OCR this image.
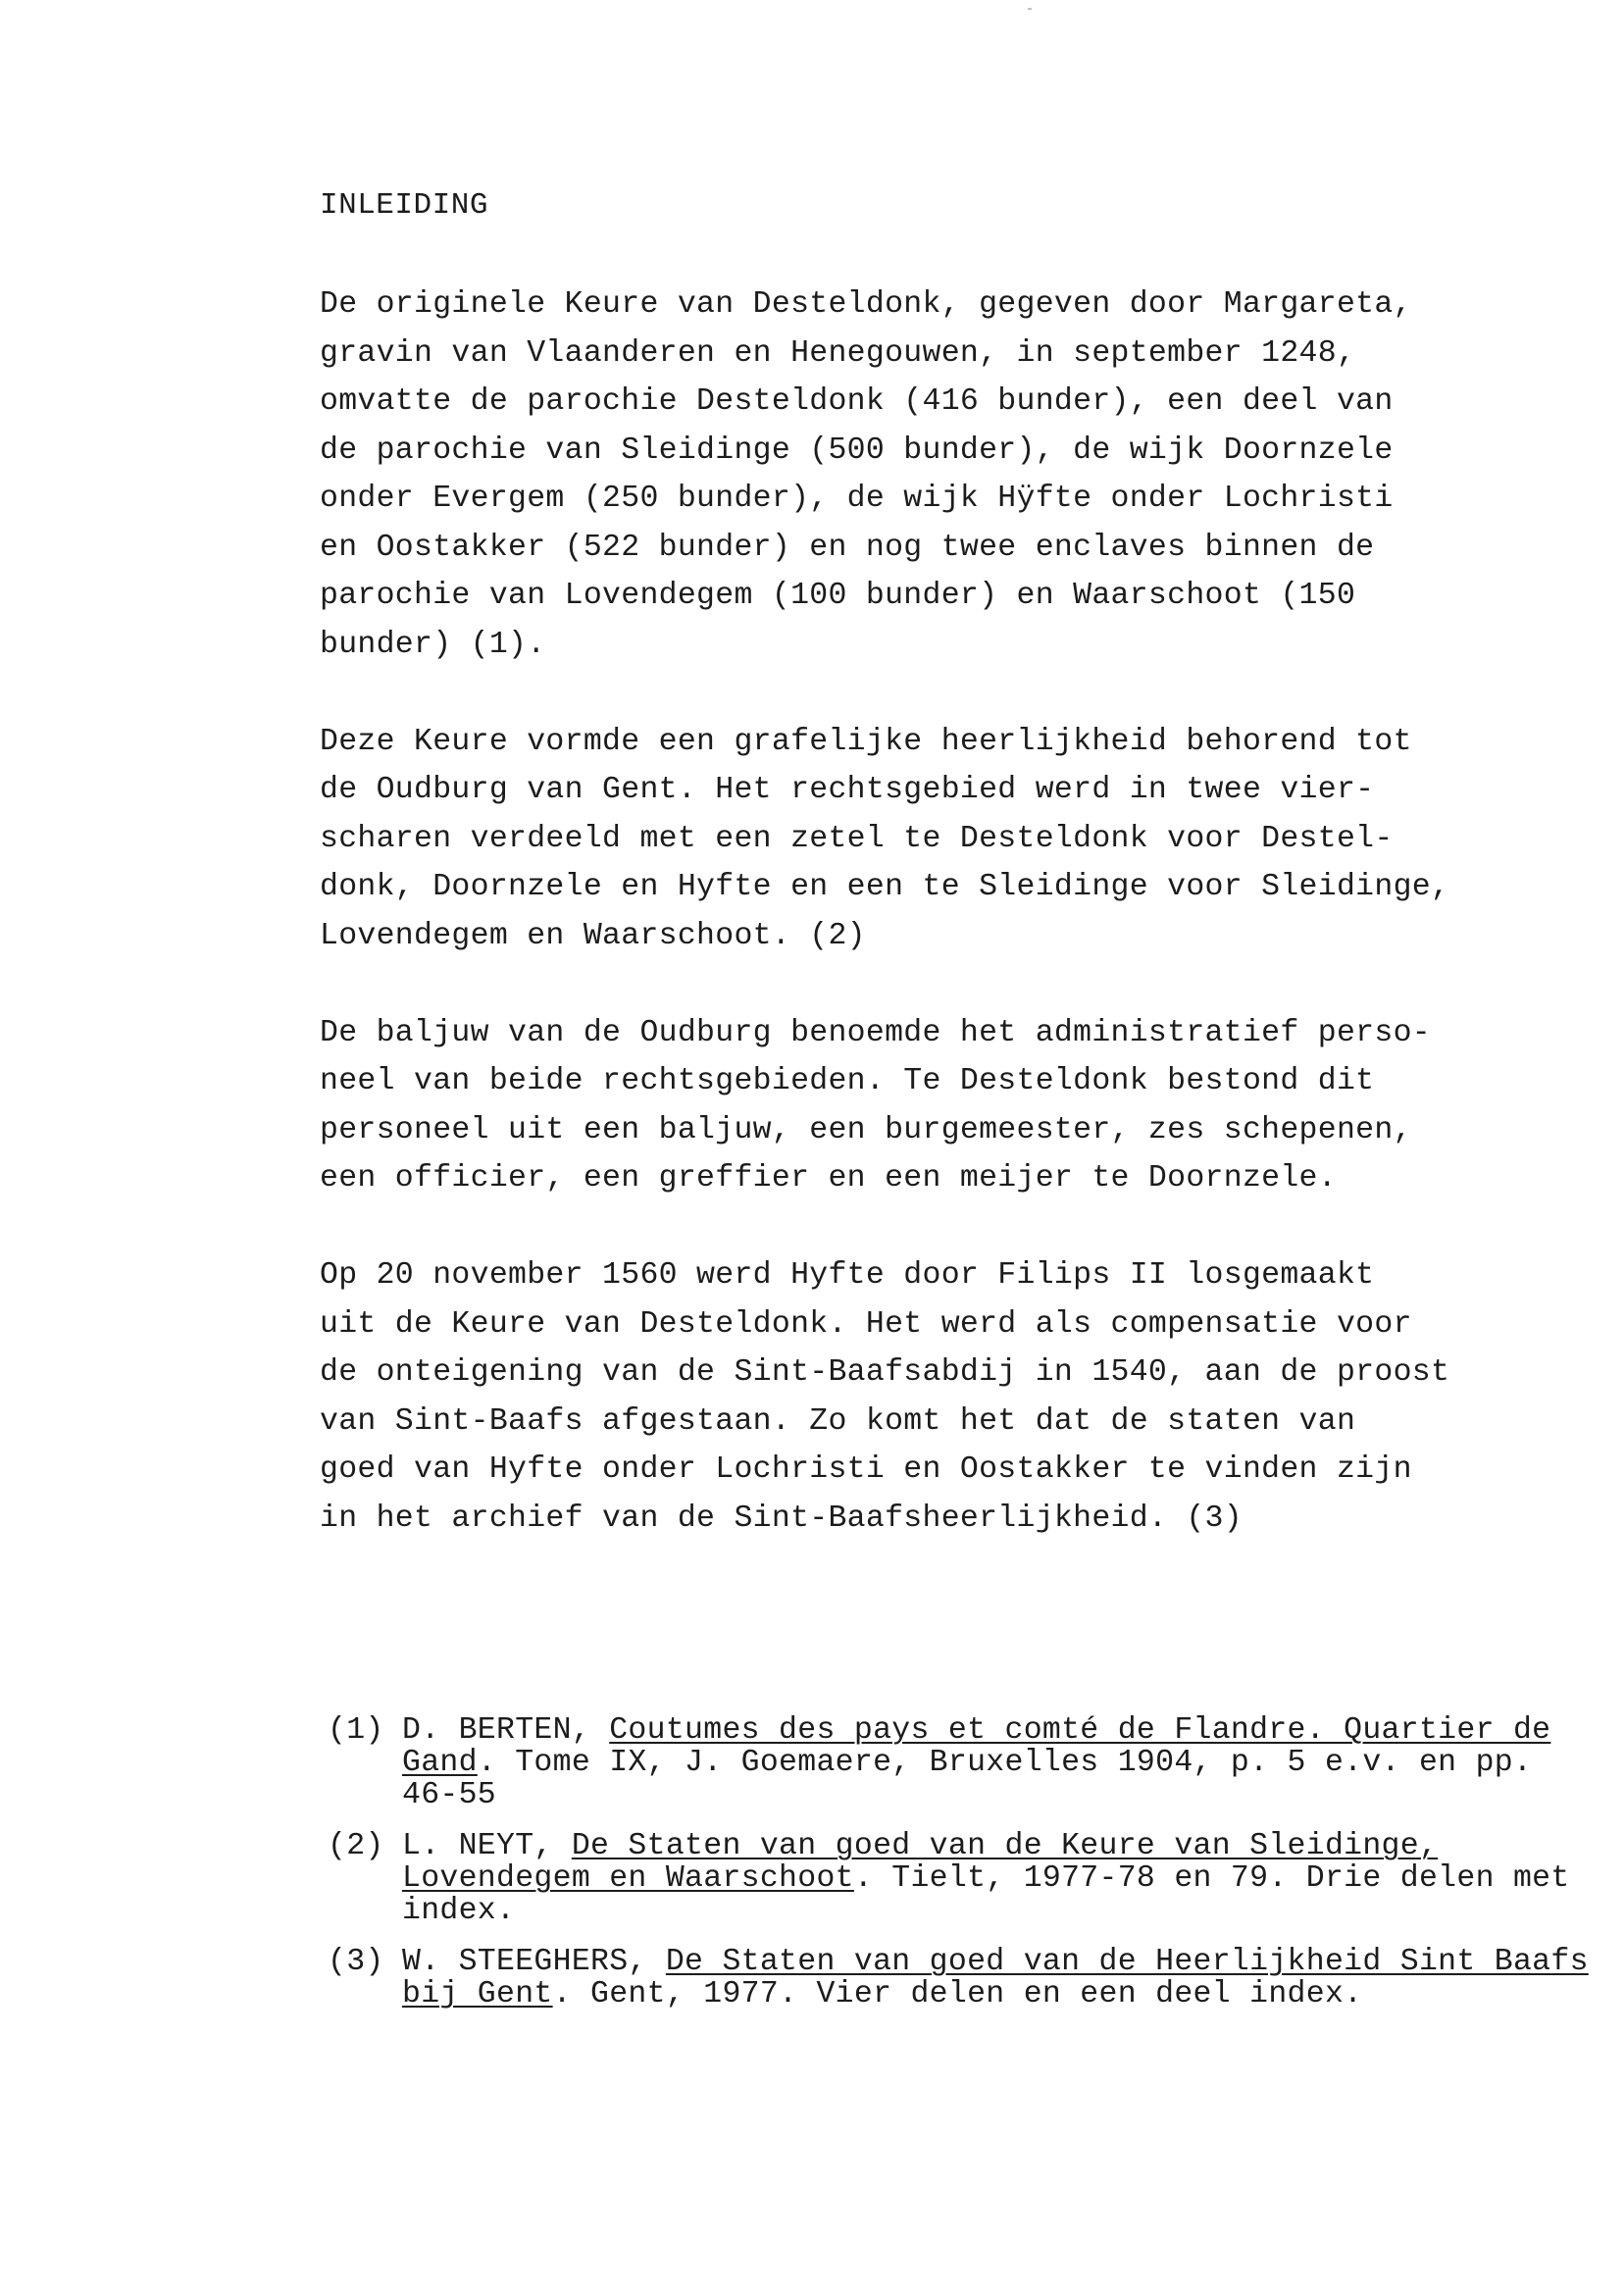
INLEIDING
De originele Keure van Desteldonk, gegeven door Margareta,
gravin van Vlaanderen en Henegouwen, in september 1248,
omvatte de parochie Desteldonk (416 bunder), een deel van
de parochie van Sleidinge (500 bunder), de wijk Doornzele
onder Evergem (250 bunder), de wijk Hÿfte onder Lochristi
en Oostakker (522 bunder) en nog twee enclaves binnen de
parochie van Lovendegem (100 bunder) en Waarschoot (150
bunder) (1).
Deze Keure vormde een grafelijke heerlijkheid behorend tot
de Oudburg van Gent. Het rechtsgebied werd in twee vier-
scharen verdeeld met een zetel te Desteldonk voor Destel-
donk, Doornzele en Hyfte en een te Sleidinge voor Sleidinge,
Lovendegem en Waarschoot. (2)
De baljuw van de Oudburg benoemde het administratief perso-
neel van beide rechtsgebieden. Te Desteldonk bestond dit
personeel uit een baljuw, een burgemeester, zes schepenen,
een officier, een greffier en een meijer te Doornzele.
Op 20 november 1560 werd Hyfte door Filips II losgemaakt
uit de Keure van Desteldonk. Het werd als compensatie voor
de onteigening van de Sint-Baafsabdij in 1540, aan de proost
van Sint-Baafs afgestaan. Zo komt het dat de staten van
goed van Hyfte onder Lochristi en Oostakker te vinden zijn
in het archief van de Sint-Baafsheerlijkheid. (3)
(1) D. BERTEN, Coutumes des pays et comté de Flandre. Quartier de Gand. Tome IX, J. Goemaere, Bruxelles 1904, p. 5 e.v. en pp. 46-55
(2) L. NEYT, De Staten van goed van de Keure van Sleidinge, Lovendegem en Waarschoot. Tielt, 1977-78 en 79. Drie delen met index.
(3) W. STEEGHERS, De Staten van goed van de Heerlijkheid Sint Baafs bij Gent. Gent, 1977. Vier delen en een deel index.
